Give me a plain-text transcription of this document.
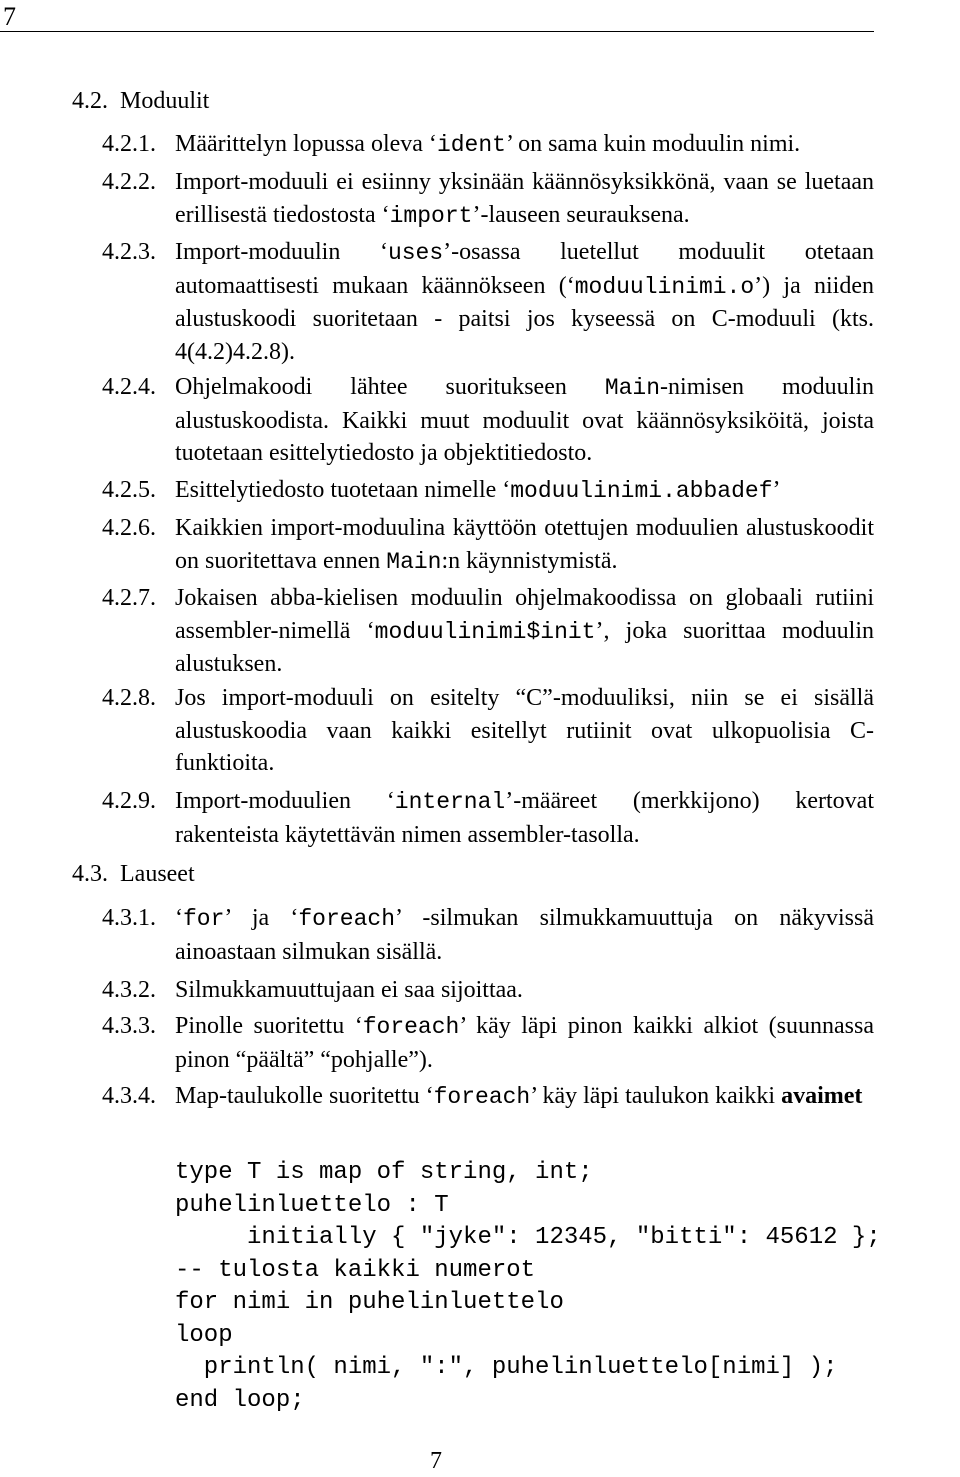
7
4.2. Moduulit
4.2.1. Määrittelyn lopussa oleva ‘ident’ on sama kuin moduulin nimi.
4.2.2. Import-moduuli ei esiinny yksinään käännösyksikkönä, vaan se luetaan erillisestä tiedostosta ‘import’-lauseen seurauksena.
4.2.3. Import-moduulin ‘uses’-osassa luetellut moduulit otetaan automaattisesti mukaan käännökseen (‘moduulinimi.o’) ja niiden alustuskoodi suoritetaan - paitsi jos kyseessä on C-moduuli (kts. 4(4.2)4.2.8).
4.2.4. Ohjelmakoodi lähtee suoritukseen Main-nimisen moduulin alustuskoodista. Kaikki muut moduulit ovat käännösyksiköitä, joista tuotetaan esittelytiedosto ja objektitiedosto.
4.2.5. Esittelytiedosto tuotetaan nimelle ‘moduulinimi.abbadef’
4.2.6. Kaikkien import-moduulina käyttöön otettujen moduulien alustuskoodit on suoritettava ennen Main:n käynnistymistä.
4.2.7. Jokaisen abba-kielisen moduulin ohjelmakoodissa on globaali rutiini assembler-nimellä ‘moduulinimi$init’, joka suorittaa moduulin alustuksen.
4.2.8. Jos import-moduuli on esitelty “C”-moduuliksi, niin se ei sisällä alustuskoodia vaan kaikki esitellyt rutiinit ovat ulkopuolisia C-funktioita.
4.2.9. Import-moduulien ‘internal’-määreet (merkkijono) kertovat rakenteista käytettävän nimen assembler-tasolla.
4.3. Lauseet
4.3.1. ‘for’ ja ‘foreach’ -silmukan silmukkamuuttuja on näkyvissä ainoastaan silmukan sisällä.
4.3.2. Silmukkamuuttujaan ei saa sijoittaa.
4.3.3. Pinolle suoritettu ‘foreach’ käy läpi pinon kaikki alkiot (suunnassa pinon “päältä” “pohjalle”).
4.3.4. Map-taulukolle suoritettu ‘foreach’ käy läpi taulukon kaikki avaimet
type T is map of string, int;
puhelinluettelo : T
initially { "jyke": 12345, "bitti": 45612 };
-- tulosta kaikki numerot
for nimi in puhelinluettelo
loop
println( nimi, ":", puhelinluettelo[nimi] );
end loop;
7
